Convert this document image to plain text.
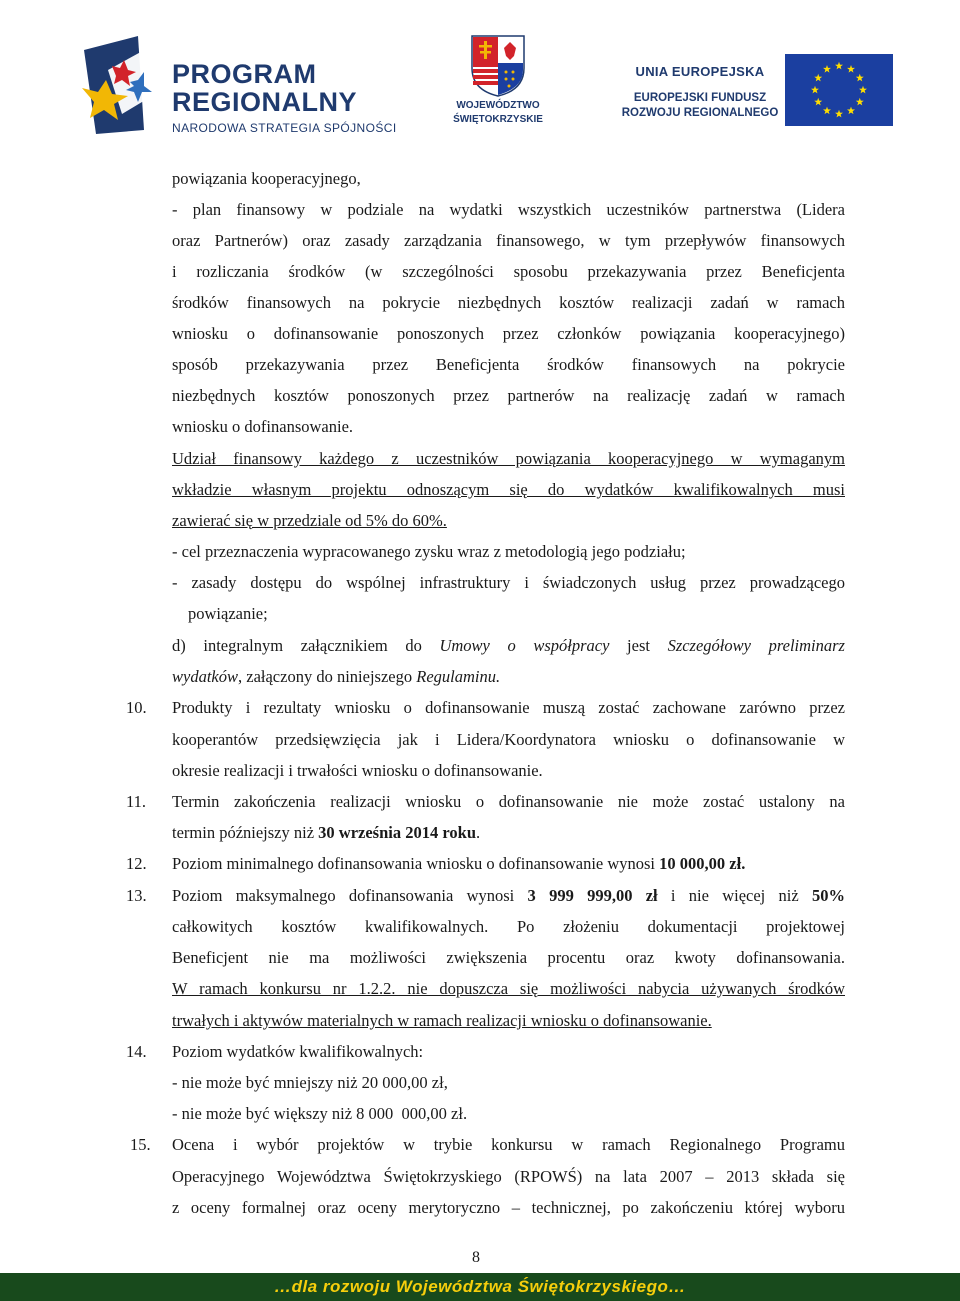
PROGRAM
REGIONALNY
NARODOWA STRATEGIA SPÓJNOŚCI
WOJEWÓDZTWO
ŚWIĘTOKRZYSKIE
UNIA EUROPEJSKA
EUROPEJSKI FUNDUSZ
ROZWOJU REGIONALNEGO
powiązania kooperacyjnego,
- plan finansowy w podziale na wydatki wszystkich uczestników partnerstwa (Lidera
oraz Partnerów) oraz zasady zarządzania finansowego, w tym przepływów finansowych
i rozliczania środków (w szczególności sposobu przekazywania przez Beneficjenta
środków finansowych na pokrycie niezbędnych kosztów realizacji zadań w ramach
wniosku o dofinansowanie ponoszonych przez członków powiązania kooperacyjnego)
sposób przekazywania przez Beneficjenta środków finansowych na pokrycie
niezbędnych kosztów ponoszonych przez partnerów na realizację zadań w ramach
wniosku o dofinansowanie.
Udział finansowy każdego z uczestników powiązania kooperacyjnego w wymaganym
wkładzie własnym projektu odnoszącym się do wydatków kwalifikowalnych musi
zawierać się w przedziale od 5% do 60%.
- cel przeznaczenia wypracowanego zysku wraz z metodologią jego podziału;
- zasady dostępu do wspólnej infrastruktury i świadczonych usług przez prowadzącego
powiązanie;
d) integralnym załącznikiem do Umowy o współpracy jest Szczegółowy preliminarz
wydatków, załączony do niniejszego Regulaminu.
10. Produkty i rezultaty wniosku o dofinansowanie muszą zostać zachowane zarówno przez
kooperantów przedsięwzięcia jak i Lidera/Koordynatora wniosku o dofinansowanie w
okresie realizacji i trwałości wniosku o dofinansowanie.
11. Termin zakończenia realizacji wniosku o dofinansowanie nie może zostać ustalony na
termin późniejszy niż 30 września 2014 roku.
12. Poziom minimalnego dofinansowania wniosku o dofinansowanie wynosi 10 000,00 zł.
13. Poziom maksymalnego dofinansowania wynosi 3 999 999,00 zł i nie więcej niż 50%
całkowitych kosztów kwalifikowalnych. Po złożeniu dokumentacji projektowej
Beneficjent nie ma możliwości zwiększenia procentu oraz kwoty dofinansowania.
W ramach konkursu nr 1.2.2. nie dopuszcza się możliwości nabycia używanych środków
trwałych i aktywów materialnych w ramach realizacji wniosku o dofinansowanie.
14. Poziom wydatków kwalifikowalnych:
- nie może być mniejszy niż 20 000,00 zł,
- nie może być większy niż 8 000  000,00 zł.
15. Ocena i wybór projektów w trybie konkursu w ramach Regionalnego Programu
Operacyjnego Województwa Świętokrzyskiego (RPOWŚ) na lata 2007 – 2013 składa się
z oceny formalnej oraz oceny merytoryczno – technicznej, po zakończeniu której wyboru
8
…dla rozwoju Województwa Świętokrzyskiego…
